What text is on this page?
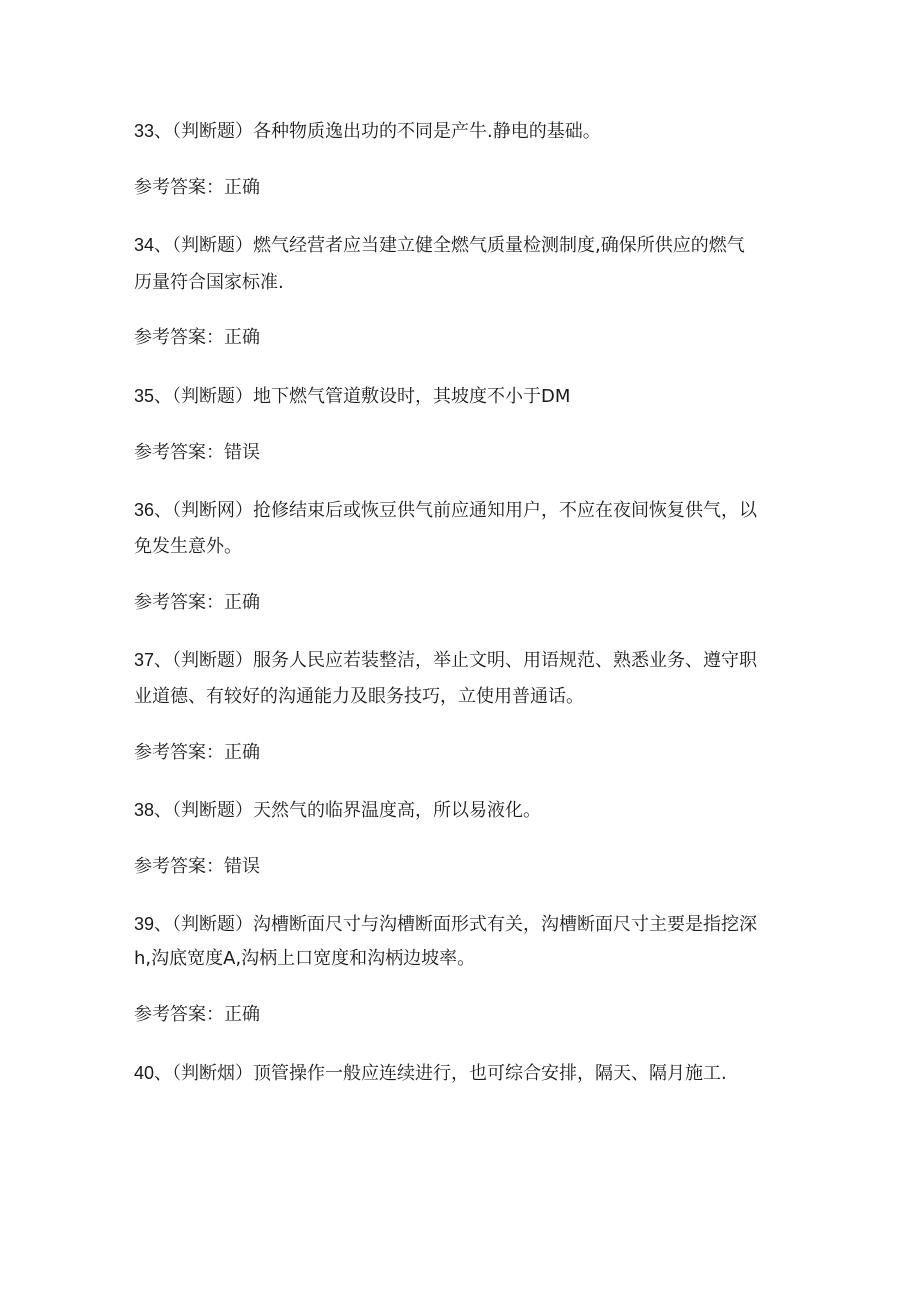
33、（判断题）各种物质逸出功的不同是产牛.静电的基础。
参考答案：正确
34、（判断题）燃气经营者应当建立健全燃气质量检测制度,确保所供应的燃气
历量符合国家标准.
参考答案：正确
35、（判断题）地下燃气管道敷设时，其坡度不小于DM
参考答案：错误
36、（判断网）抢修结束后或恢豆供气前应通知用户，不应在夜间恢复供气，以
免发生意外。
参考答案：正确
37、（判断题）服务人民应若装整洁，举止文明、用语规范、熟悉业务、遵守职
业道德、有较好的沟通能力及眼务技巧，立使用普通话。
参考答案：正确
38、（判断题）天然气的临界温度高，所以易液化。
参考答案：错误
39、（判断题）沟槽断面尺寸与沟槽断面形式有关，沟槽断面尺寸主要是指挖深
h,沟底宽度A,沟柄上口宽度和沟柄边坡率。
参考答案：正确
40、（判断烟）顶管操作一般应连续进行，也可综合安排，隔天、隔月施工.
